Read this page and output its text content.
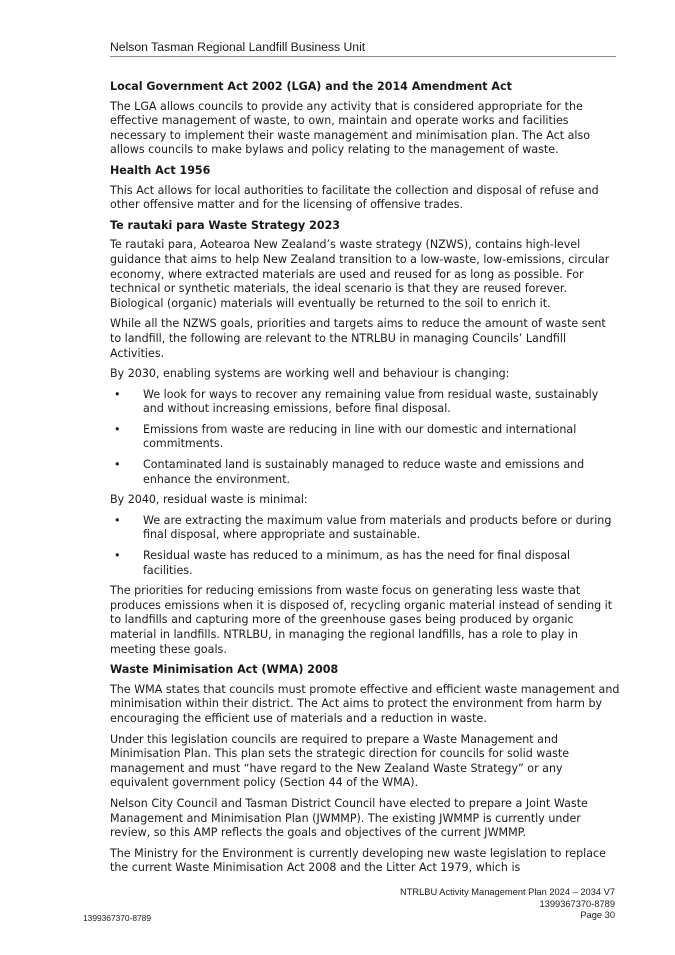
Nelson Tasman Regional Landfill Business Unit
Local Government Act 2002 (LGA) and the 2014 Amendment Act

The LGA allows councils to provide any activity that is considered appropriate for the effective management of waste, to own, maintain and operate works and facilities necessary to implement their waste management and minimisation plan. The Act also allows councils to make bylaws and policy relating to the management of waste.

Health Act 1956

This Act allows for local authorities to facilitate the collection and disposal of refuse and other offensive matter and for the licensing of offensive trades.

Te rautaki para Waste Strategy 2023

Te rautaki para, Aotearoa New Zealand’s waste strategy (NZWS), contains high-level guidance that aims to help New Zealand transition to a low-waste, low-emissions, circular economy, where extracted materials are used and reused for as long as possible. For technical or synthetic materials, the ideal scenario is that they are reused forever. Biological (organic) materials will eventually be returned to the soil to enrich it.

While all the NZWS goals, priorities and targets aims to reduce the amount of waste sent to landfill, the following are relevant to the NTRLBU in managing Councils’ Landfill Activities.

By 2030, enabling systems are working well and behaviour is changing:

• We look for ways to recover any remaining value from residual waste, sustainably and without increasing emissions, before final disposal.
• Emissions from waste are reducing in line with our domestic and international commitments.
• Contaminated land is sustainably managed to reduce waste and emissions and enhance the environment.

By 2040, residual waste is minimal:

• We are extracting the maximum value from materials and products before or during final disposal, where appropriate and sustainable.
• Residual waste has reduced to a minimum, as has the need for final disposal facilities.

The priorities for reducing emissions from waste focus on generating less waste that produces emissions when it is disposed of, recycling organic material instead of sending it to landfills and capturing more of the greenhouse gases being produced by organic material in landfills. NTRLBU, in managing the regional landfills, has a role to play in meeting these goals.

Waste Minimisation Act (WMA) 2008

The WMA states that councils must promote effective and efficient waste management and minimisation within their district. The Act aims to protect the environment from harm by encouraging the efficient use of materials and a reduction in waste.

Under this legislation councils are required to prepare a Waste Management and Minimisation Plan. This plan sets the strategic direction for councils for solid waste management and must “have regard to the New Zealand Waste Strategy” or any equivalent government policy (Section 44 of the WMA).

Nelson City Council and Tasman District Council have elected to prepare a Joint Waste Management and Minimisation Plan (JWMMP). The existing JWMMP is currently under review, so this AMP reflects the goals and objectives of the current JWMMP.

The Ministry for the Environment is currently developing new waste legislation to replace the current Waste Minimisation Act 2008 and the Litter Act 1979, which is

NTRLBU Activity Management Plan 2024 – 2034 V7
1399367370-8789
Page 30
1399367370-8789
